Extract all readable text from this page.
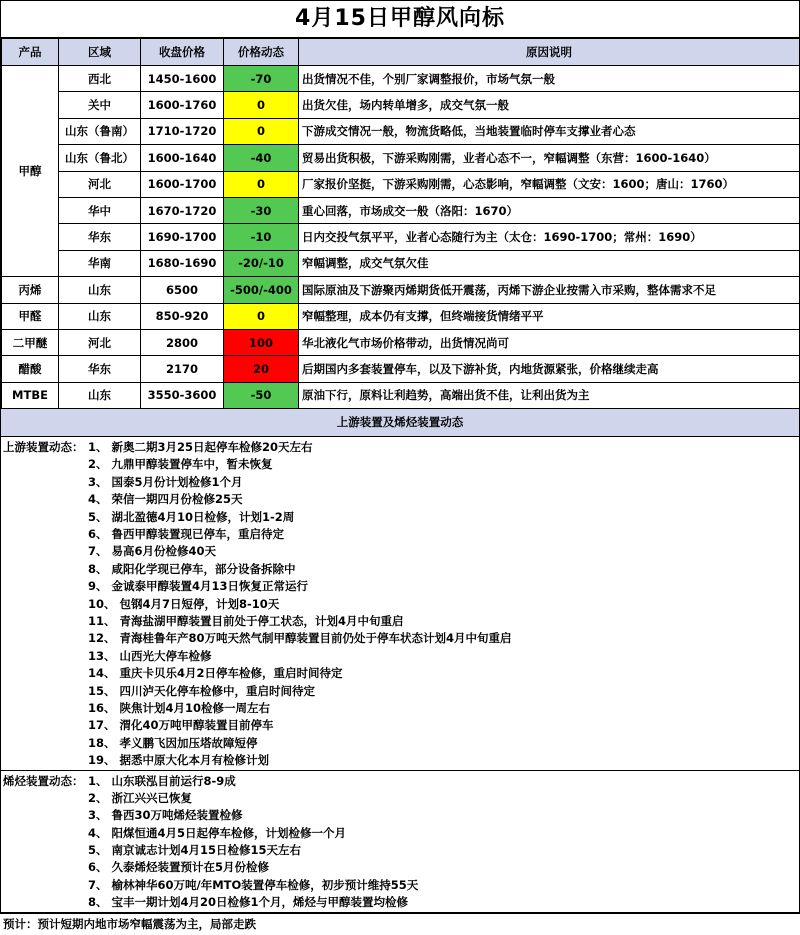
4月15日甲醇风向标
产品	区域	收盘价格	价格动态	原因说明
甲醇	西北	1450-1600	-70	出货情况不佳，个别厂家调整报价，市场气氛一般
	关中	1600-1760	0	出货欠佳，场内转单增多，成交气氛一般
	山东（鲁南）	1710-1720	0	下游成交情况一般，物流货略低，当地装置临时停车支撑业者心态
	山东（鲁北）	1600-1640	-40	贸易出货积极，下游采购刚需，业者心态不一，窄幅调整（东营：1600-1640）
	河北	1600-1700	0	厂家报价坚挺，下游采购刚需，心态影响，窄幅调整（文安：1600；唐山：1760）
	华中	1670-1720	-30	重心回落，市场成交一般（洛阳：1670）
	华东	1690-1700	-10	日内交投气氛平平，业者心态随行为主（太仓：1690-1700；常州：1690）
	华南	1680-1690	-20/-10	窄幅调整，成交气氛欠佳
丙烯	山东	6500	-500/-400	国际原油及下游聚丙烯期货低开震荡，丙烯下游企业按需入市采购，整体需求不足
甲醛	山东	850-920	0	窄幅整理，成本仍有支撑，但终端接货情绪平平
二甲醚	河北	2800	100	华北液化气市场价格带动，出货情况尚可
醋酸	华东	2170	20	后期国内多套装置停车，以及下游补货，内地货源紧张，价格继续走高
MTBE	山东	3550-3600	-50	原油下行，原料让利趋势，高端出货不佳，让利出货为主
上游装置及烯烃装置动态
上游装置动态： 1、 新奥二期3月25日起停车检修20天左右
2、 九鼎甲醇装置停车中，暂未恢复
3、 国泰5月份计划检修1个月
4、 荣信一期四月份检修25天
5、 湖北盈德4月10日检修，计划1-2周
6、 鲁西甲醇装置现已停车，重启待定
7、 易高6月份检修40天
8、 咸阳化学现已停车，部分设备拆除中
9、 金诚泰甲醇装置4月13日恢复正常运行
10、 包钢4月7日短停，计划8-10天
11、 青海盐湖甲醇装置目前处于停工状态，计划4月中旬重启
12、 青海桂鲁年产80万吨天然气制甲醇装置目前仍处于停车状态计划4月中旬重启
13、 山西光大停车检修
14、 重庆卡贝乐4月2日停车检修，重启时间待定
15、 四川泸天化停车检修中，重启时间待定
16、 陕焦计划4月10检修一周左右
17、 渭化40万吨甲醇装置目前停车
18、 孝义鹏飞因加压塔故障短停
19、 据悉中原大化本月有检修计划
烯烃装置动态： 1、 山东联泓目前运行8-9成
2、 浙江兴兴已恢复
3、 鲁西30万吨烯烃装置检修
4、 阳煤恒通4月5日起停车检修，计划检修一个月
5、 南京诚志计划4月15日检修15天左右
6、 久泰烯烃装置预计在5月份检修
7、 榆林神华60万吨/年MTO装置停车检修，初步预计维持55天
8、 宝丰一期计划4月20日检修1个月，烯烃与甲醇装置均检修
预计：预计短期内地市场窄幅震荡为主，局部走跌
